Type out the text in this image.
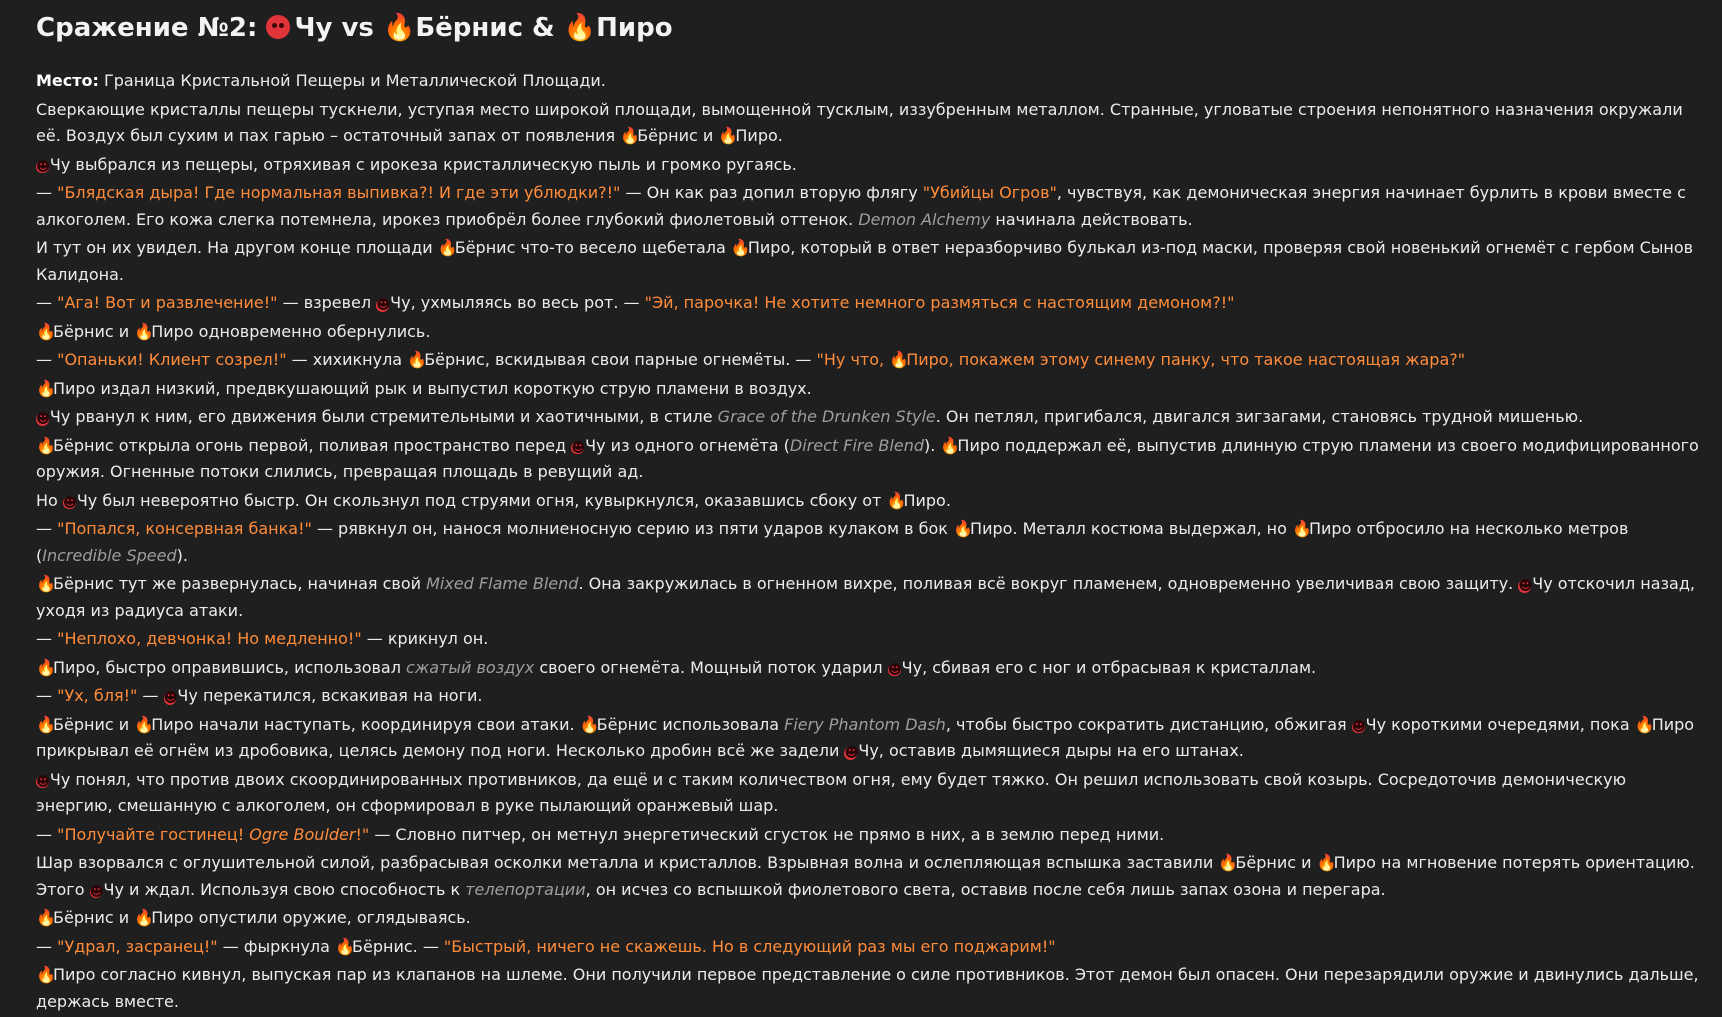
Сражение №2: Чу vs 🔥Бёрнис & 🔥Пиро

Место: Граница Кристальной Пещеры и Металлической Площади.

Сверкающие кристаллы пещеры тускнели, уступая место широкой площади, вымощенной тусклым, иззубренным металлом. Странные, угловатые строения непонятного назначения окружали её. Воздух был сухим и пах гарью – остаточный запах от появления 🔥Бёрнис и 🔥Пиро.

☻Чу выбрался из пещеры, отряхивая с ирокеза кристаллическую пыль и громко ругаясь.

— "Блядская дыра! Где нормальная выпивка?! И где эти ублюдки?!" — Он как раз допил вторую флягу "Убийцы Огров", чувствуя, как демоническая энергия начинает бурлить в крови вместе с алкоголем. Его кожа слегка потемнела, ирокез приобрёл более глубокий фиолетовый оттенок. Demon Alchemy начинала действовать.

И тут он их увидел. На другом конце площади 🔥Бёрнис что-то весело щебетала 🔥Пиро, который в ответ неразборчиво булькал из-под маски, проверяя свой новенький огнемёт с гербом Сынов Калидона.

— "Ага! Вот и развлечение!" — взревел ☻Чу, ухмыляясь во весь рот. — "Эй, парочка! Не хотите немного размяться с настоящим демоном?!"

🔥Бёрнис и 🔥Пиро одновременно обернулись.

— "Опаньки! Клиент созрел!" — хихикнула 🔥Бёрнис, вскидывая свои парные огнемёты. — "Ну что, 🔥Пиро, покажем этому синему панку, что такое настоящая жара?"

🔥Пиро издал низкий, предвкушающий рык и выпустил короткую струю пламени в воздух.

☻Чу рванул к ним, его движения были стремительными и хаотичными, в стиле Grace of the Drunken Style. Он петлял, пригибался, двигался зигзагами, становясь трудной мишенью.

🔥Бёрнис открыла огонь первой, поливая пространство перед ☻Чу из одного огнемёта (Direct Fire Blend). 🔥Пиро поддержал её, выпустив длинную струю пламени из своего модифицированного оружия. Огненные потоки слились, превращая площадь в ревущий ад.

Но ☻Чу был невероятно быстр. Он скользнул под струями огня, кувыркнулся, оказавшись сбоку от 🔥Пиро.

— "Попался, консервная банка!" — рявкнул он, нанося молниеносную серию из пяти ударов кулаком в бок 🔥Пиро. Металл костюма выдержал, но 🔥Пиро отбросило на несколько метров (Incredible Speed).

🔥Бёрнис тут же развернулась, начиная свой Mixed Flame Blend. Она закружилась в огненном вихре, поливая всё вокруг пламенем, одновременно увеличивая свою защиту. ☻Чу отскочил назад, уходя из радиуса атаки.

— "Неплохо, девчонка! Но медленно!" — крикнул он.

🔥Пиро, быстро оправившись, использовал сжатый воздух своего огнемёта. Мощный поток ударил ☻Чу, сбивая его с ног и отбрасывая к кристаллам.

— "Ух, бля!" — ☻Чу перекатился, вскакивая на ноги.

🔥Бёрнис и 🔥Пиро начали наступать, координируя свои атаки. 🔥Бёрнис использовала Fiery Phantom Dash, чтобы быстро сократить дистанцию, обжигая ☻Чу короткими очередями, пока 🔥Пиро прикрывал её огнём из дробовика, целясь демону под ноги. Несколько дробин всё же задели ☻Чу, оставив дымящиеся дыры на его штанах.

☻Чу понял, что против двоих скоординированных противников, да ещё и с таким количеством огня, ему будет тяжко. Он решил использовать свой козырь. Сосредоточив демоническую энергию, смешанную с алкоголем, он сформировал в руке пылающий оранжевый шар.

— "Получайте гостинец! Ogre Boulder!" — Словно питчер, он метнул энергетический сгусток не прямо в них, а в землю перед ними.

Шар взорвался с оглушительной силой, разбрасывая осколки металла и кристаллов. Взрывная волна и ослепляющая вспышка заставили 🔥Бёрнис и 🔥Пиро на мгновение потерять ориентацию. Этого ☻Чу и ждал. Используя свою способность к телепортации, он исчез со вспышкой фиолетового света, оставив после себя лишь запах озона и перегара.

🔥Бёрнис и 🔥Пиро опустили оружие, оглядываясь.

— "Удрал, засранец!" — фыркнула 🔥Бёрнис. — "Быстрый, ничего не скажешь. Но в следующий раз мы его поджарим!"

🔥Пиро согласно кивнул, выпуская пар из клапанов на шлеме. Они получили первое представление о силе противников. Этот демон был опасен. Они перезарядили оружие и двинулись дальше, держась вместе.
